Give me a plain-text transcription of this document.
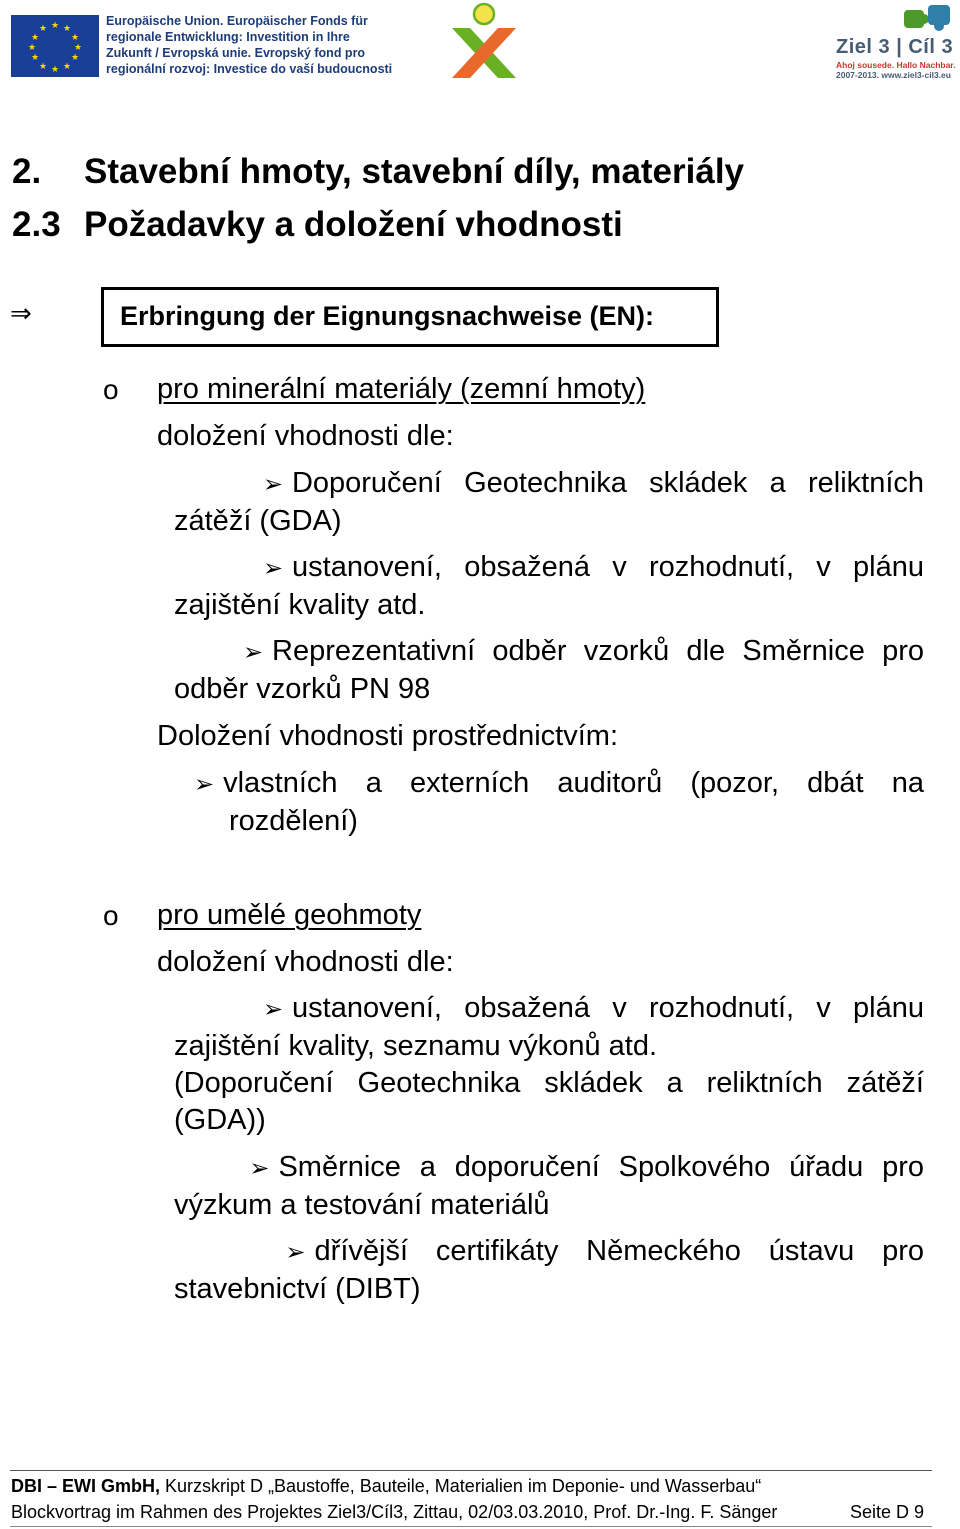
★ ★
★
★
★
★
★
★
★
★
★
★	Europäische Union. Europäischer Fonds für
regionale Entwicklung: Investition in Ihre
Zukunft / Evropská unie. Evropský fond pro
regionální rozvoj: Investice do vaší budoucnosti
Ziel 3 | Cíl 3
Ahoj sousede. Hallo Nachbar.
2007-2013. www.ziel3-cil3.eu
2. Stavební hmoty, stavební díly, materiály
2.3 Požadavky a doložení vhodnosti
⇒	Erbringung der Eignungsnachweise (EN):
o pro minerální materiály (zemní hmoty)
doložení vhodnosti dle:
➢ Doporučení Geotechnika skládek a reliktních
zátěží (GDA)
➢ ustanovení, obsažená v rozhodnutí, v plánu
zajištění kvality atd.
➢ Reprezentativní odběr vzorků dle Směrnice pro
odběr vzorků PN 98
Doložení vhodnosti prostřednictvím:
➢ vlastních a externích auditorů (pozor, dbát na
rozdělení)
o pro umělé geohmoty
doložení vhodnosti dle:
➢ ustanovení, obsažená v rozhodnutí, v plánu
zajištění kvality, seznamu výkonů atd.
(Doporučení Geotechnika skládek a reliktních zátěží
(GDA))
➢ Směrnice a doporučení Spolkového úřadu pro
výzkum a testování materiálů
➢ dřívější certifikáty Německého ústavu pro
stavebnictví (DIBT)
DBI – EWI GmbH, Kurzskript D „Baustoffe, Bauteile, Materialien im Deponie- und Wasserbau“
Blockvortrag im Rahmen des Projektes Ziel3/Cíl3, Zittau, 02/03.03.2010, Prof. Dr.-Ing. F. Sänger	Seite D 9
